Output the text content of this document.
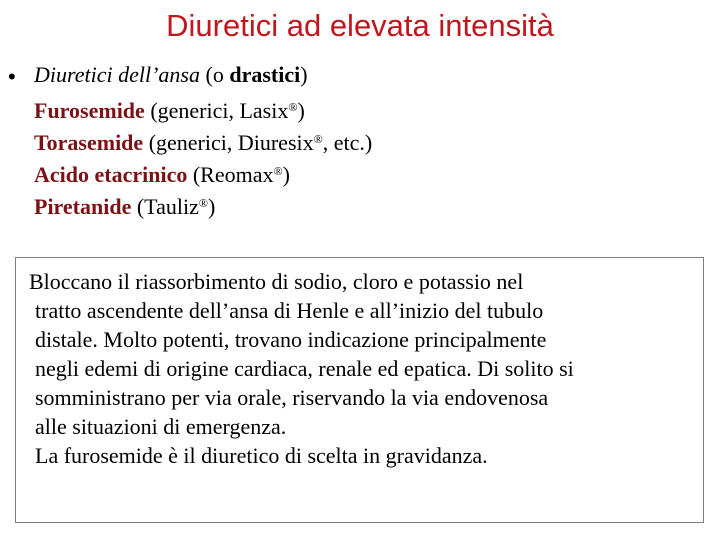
Diuretici ad elevata intensità
• Diuretici dell’ansa (o drastici)
Furosemide (generici, Lasix®)
Torasemide (generici, Diuresix®, etc.)
Acido etacrinico (Reomax®)
Piretanide (Tauliz®)
Bloccano il riassorbimento di sodio, cloro e potassio nel
tratto ascendente dell’ansa di Henle e all’inizio del tubulo
distale. Molto potenti, trovano indicazione principalmente
negli edemi di origine cardiaca, renale ed epatica. Di solito si
somministrano per via orale, riservando la via endovenosa
alle situazioni di emergenza.
La furosemide è il diuretico di scelta in gravidanza.
